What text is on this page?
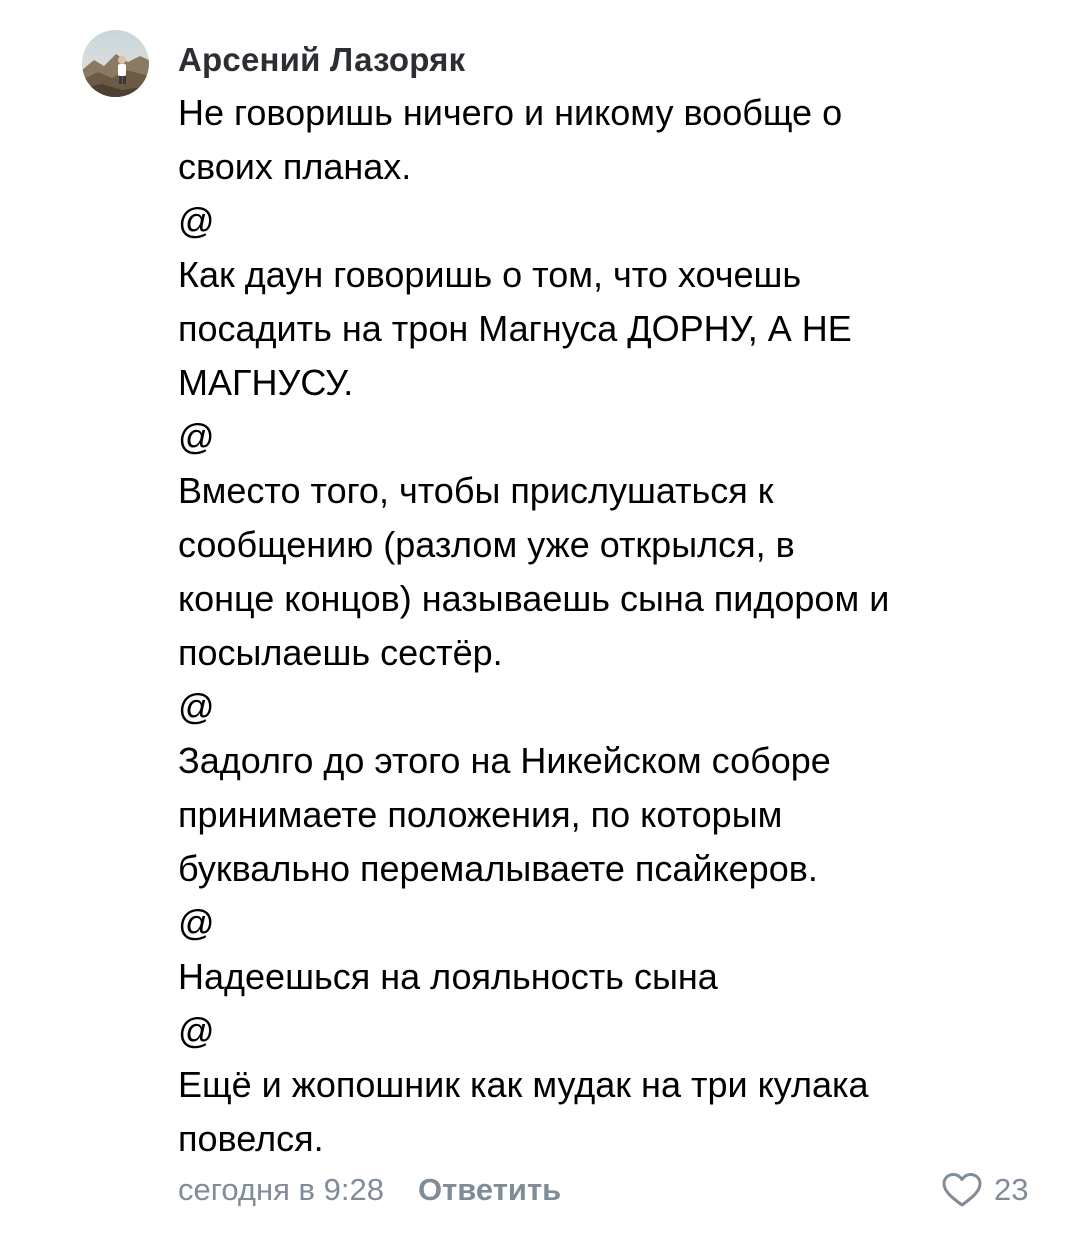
Арсений Лазоряк
Не говоришь ничего и никому вообще о
своих планах.
@
Как даун говоришь о том, что хочешь
посадить на трон Магнуса ДОРНУ, А НЕ
МАГНУСУ.
@
Вместо того, чтобы прислушаться к
сообщению (разлом уже открылся, в
конце концов) называешь сына пидором и
посылаешь сестёр.
@
Задолго до этого на Никейском соборе
принимаете положения, по которым
буквально перемалываете псайкеров.
@
Надеешься на лояльность сына
@
Ещё и жопошник как мудак на три кулака
повелся.
сегодня в 9:28 Ответить	23
